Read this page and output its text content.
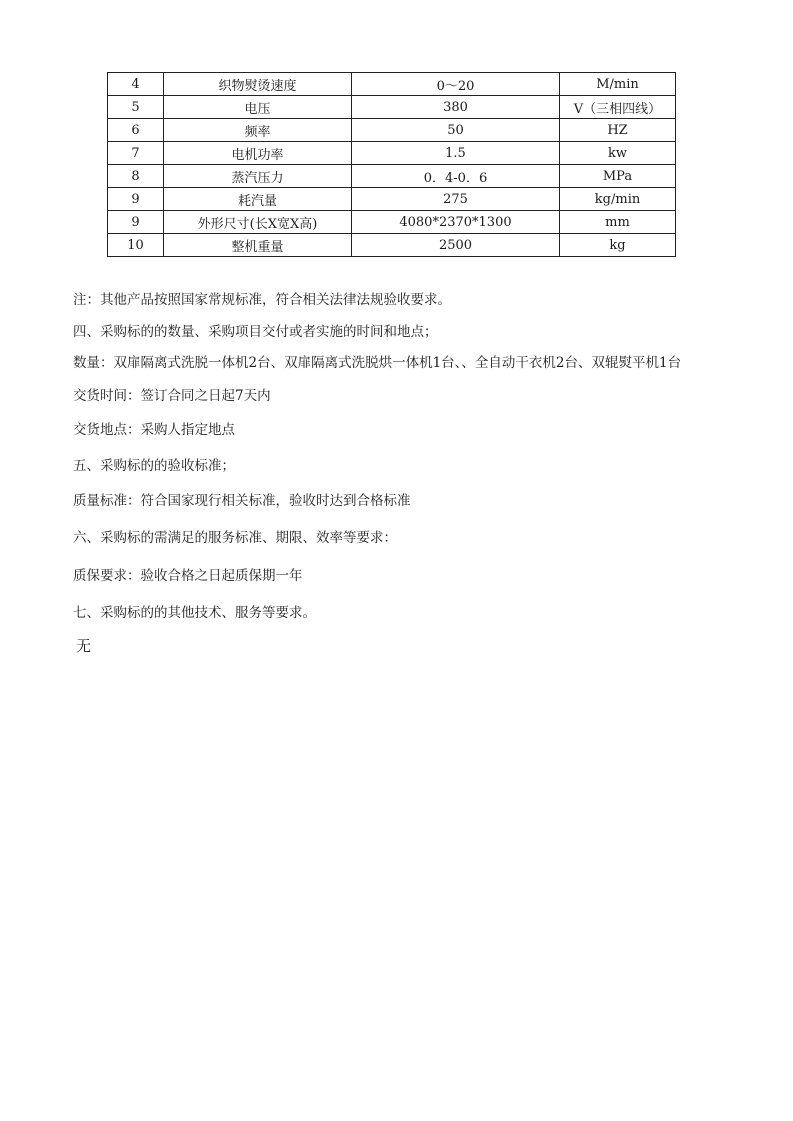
4	织物熨烫速度	0～20	M/min
5	电压	380	V（三相四线）
6	频率	50	HZ
7	电机功率	1.5	kw
8	蒸汽压力	0．4-0．6	MPa
9	耗汽量	275	kg/min
9	外形尺寸(长X宽X高)	4080*2370*1300	mm
10	整机重量	2500	kg
注：其他产品按照国家常规标准，符合相关法律法规验收要求。
四、采购标的的数量、采购项目交付或者实施的时间和地点；
数量：双扉隔离式洗脱一体机2台、双扉隔离式洗脱烘一体机1台、、全自动干衣机2台、双辊熨平机1台
交货时间：签订合同之日起7天内
交货地点：采购人指定地点
五、采购标的的验收标准；
质量标准：符合国家现行相关标准，验收时达到合格标准
六、采购标的需满足的服务标准、期限、效率等要求：
质保要求：验收合格之日起质保期一年
七、采购标的的其他技术、服务等要求。
无
